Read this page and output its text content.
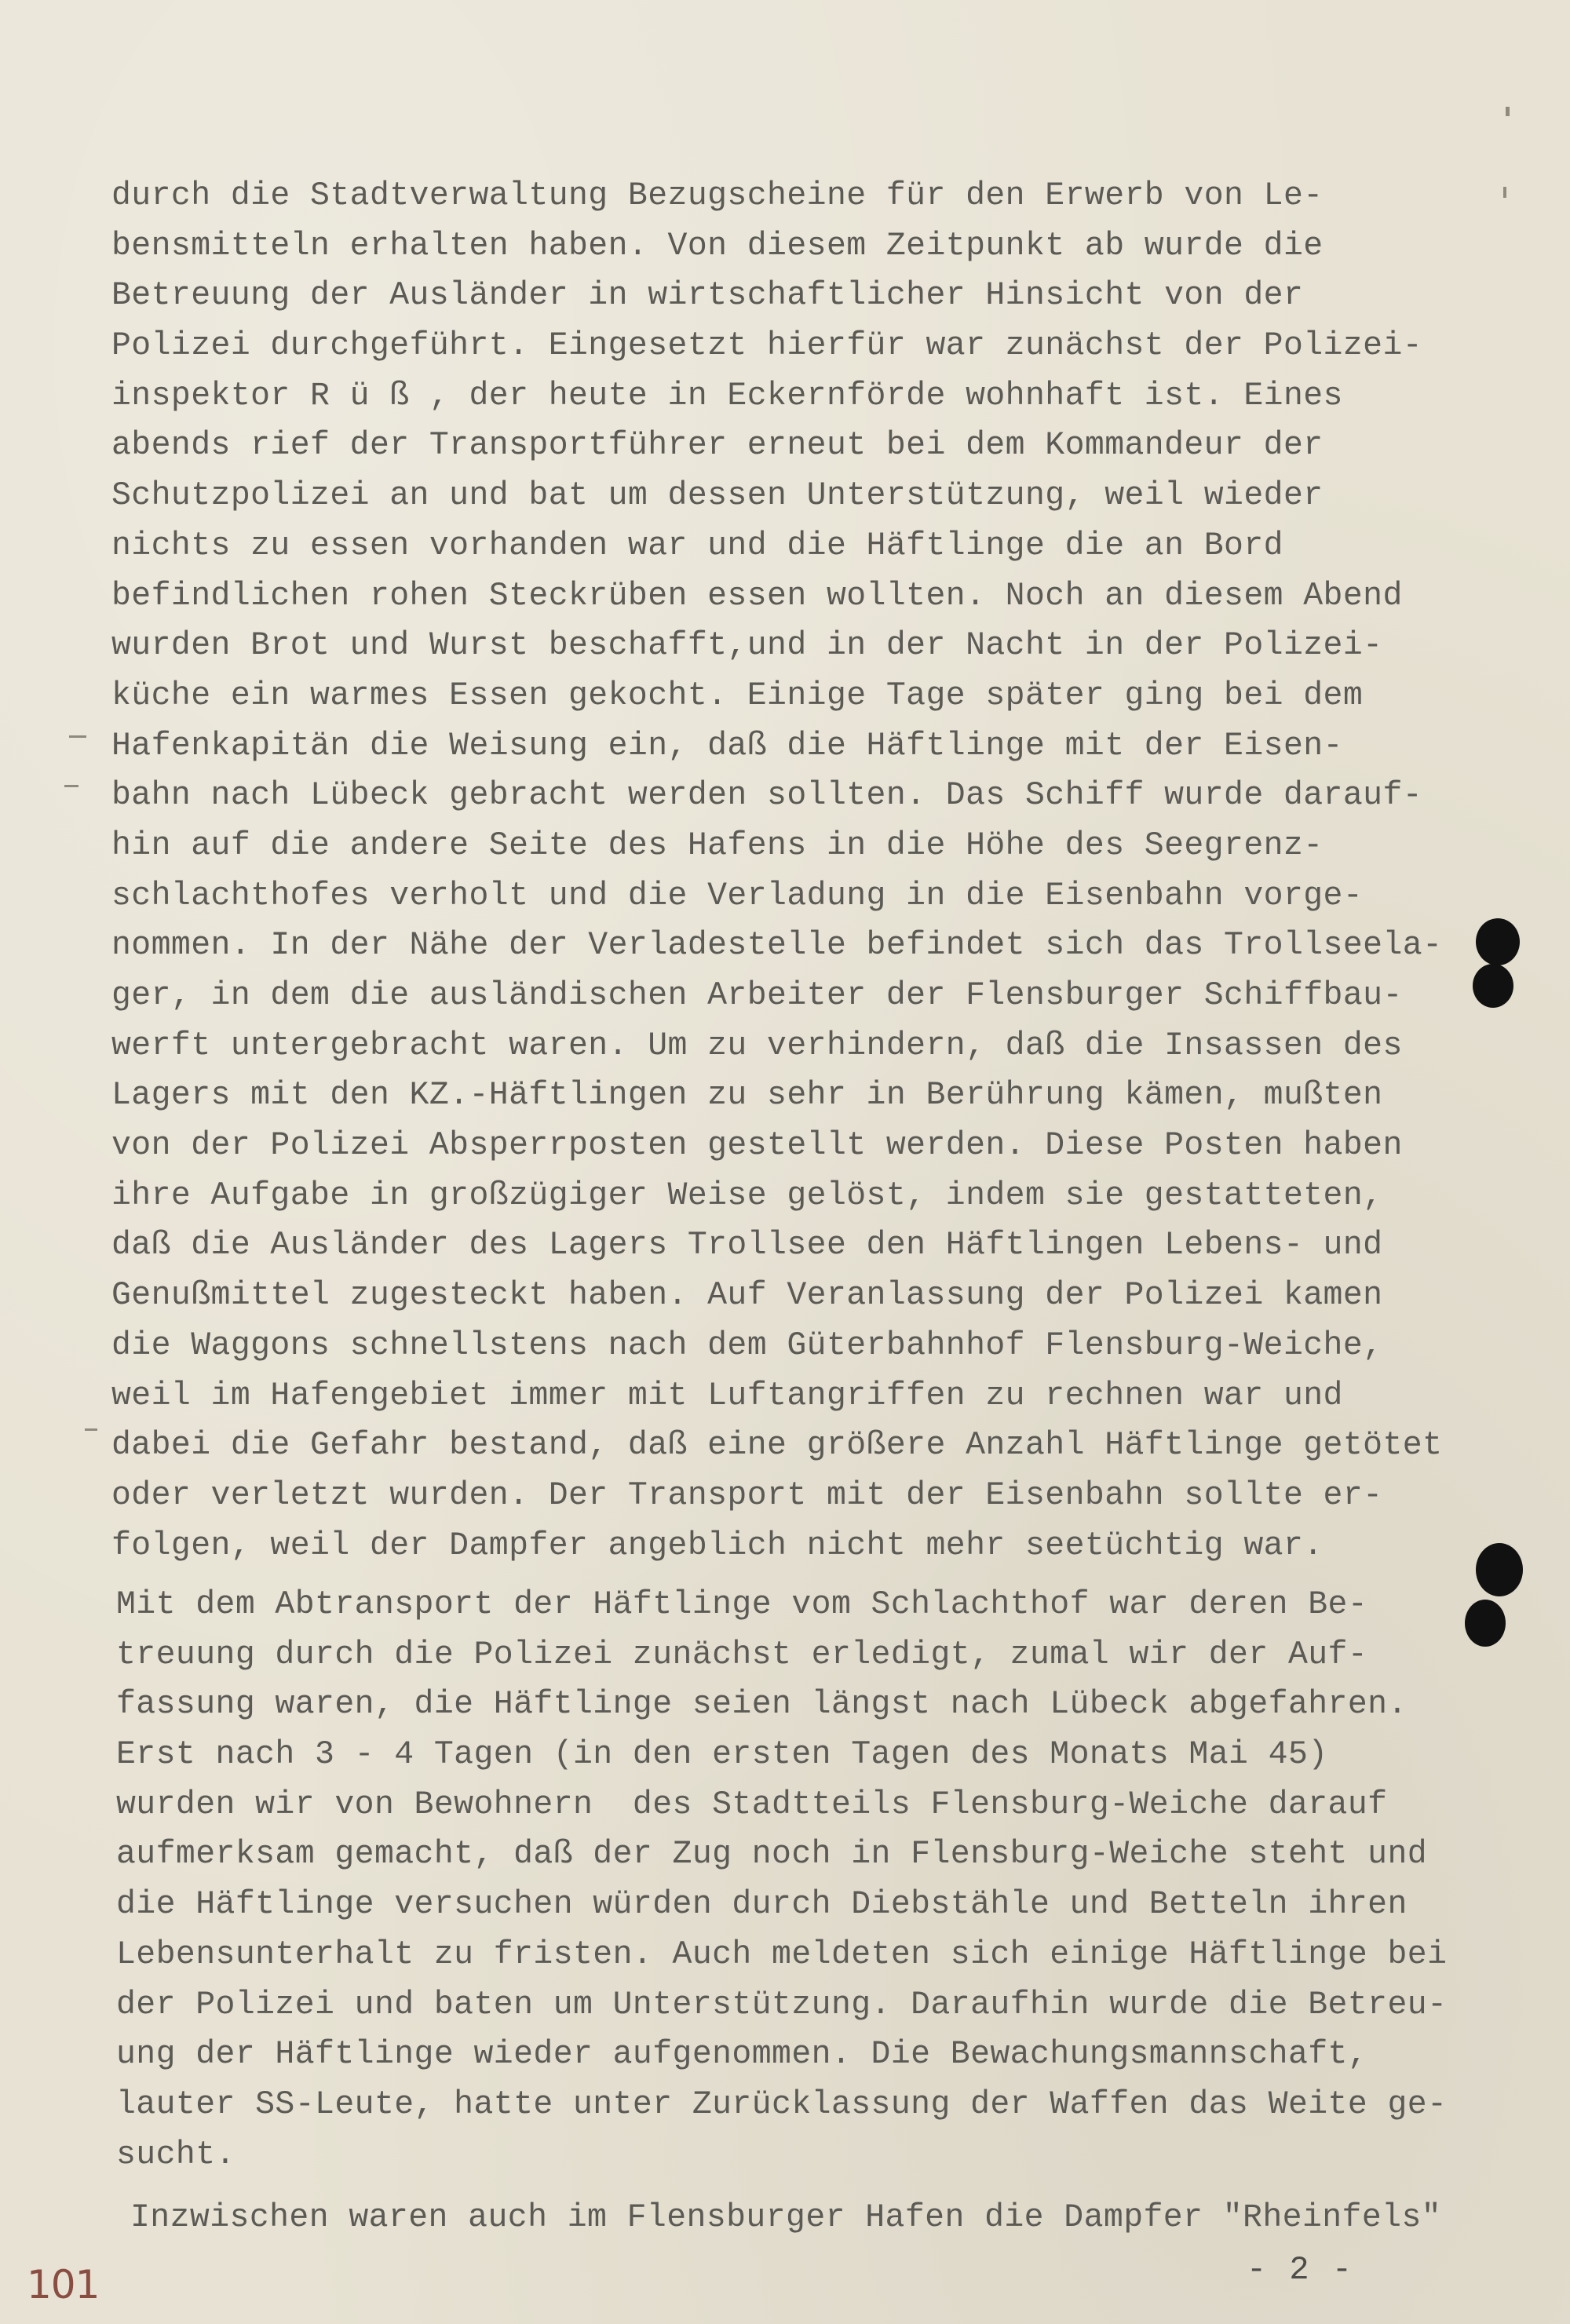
durch die Stadtverwaltung Bezugscheine für den Erwerb von Le-
bensmitteln erhalten haben. Von diesem Zeitpunkt ab wurde die
Betreuung der Ausländer in wirtschaftlicher Hinsicht von der
Polizei durchgeführt. Eingesetzt hierfür war zunächst der Polizei-
inspektor R ü ß , der heute in Eckernförde wohnhaft ist. Eines
abends rief der Transportführer erneut bei dem Kommandeur der
Schutzpolizei an und bat um dessen Unterstützung, weil wieder
nichts zu essen vorhanden war und die Häftlinge die an Bord
befindlichen rohen Steckrüben essen wollten. Noch an diesem Abend
wurden Brot und Wurst beschafft,und in der Nacht in der Polizei-
küche ein warmes Essen gekocht. Einige Tage später ging bei dem
Hafenkapitän die Weisung ein, daß die Häftlinge mit der Eisen-
bahn nach Lübeck gebracht werden sollten. Das Schiff wurde darauf-
hin auf die andere Seite des Hafens in die Höhe des Seegrenz-
schlachthofes verholt und die Verladung in die Eisenbahn vorge-
nommen. In der Nähe der Verladestelle befindet sich das Trollseela-
ger, in dem die ausländischen Arbeiter der Flensburger Schiffbau-
werft untergebracht waren. Um zu verhindern, daß die Insassen des
Lagers mit den KZ.-Häftlingen zu sehr in Berührung kämen, mußten
von der Polizei Absperrposten gestellt werden. Diese Posten haben
ihre Aufgabe in großzügiger Weise gelöst, indem sie gestatteten,
daß die Ausländer des Lagers Trollsee den Häftlingen Lebens- und
Genußmittel zugesteckt haben. Auf Veranlassung der Polizei kamen
die Waggons schnellstens nach dem Güterbahnhof Flensburg-Weiche,
weil im Hafengebiet immer mit Luftangriffen zu rechnen war und
dabei die Gefahr bestand, daß eine größere Anzahl Häftlinge getötet
oder verletzt wurden. Der Transport mit der Eisenbahn sollte er-
folgen, weil der Dampfer angeblich nicht mehr seetüchtig war.
Mit dem Abtransport der Häftlinge vom Schlachthof war deren Be-
treuung durch die Polizei zunächst erledigt, zumal wir der Auf-
fassung waren, die Häftlinge seien längst nach Lübeck abgefahren.
Erst nach 3 - 4 Tagen (in den ersten Tagen des Monats Mai 45)
wurden wir von Bewohnern  des Stadtteils Flensburg-Weiche darauf
aufmerksam gemacht, daß der Zug noch in Flensburg-Weiche steht und
die Häftlinge versuchen würden durch Diebstähle und Betteln ihren
Lebensunterhalt zu fristen. Auch meldeten sich einige Häftlinge bei
der Polizei und baten um Unterstützung. Daraufhin wurde die Betreu-
ung der Häftlinge wieder aufgenommen. Die Bewachungsmannschaft,
lauter SS-Leute, hatte unter Zurücklassung der Waffen das Weite ge-
sucht.
Inzwischen waren auch im Flensburger Hafen die Dampfer "Rheinfels"
101	- 2 -
